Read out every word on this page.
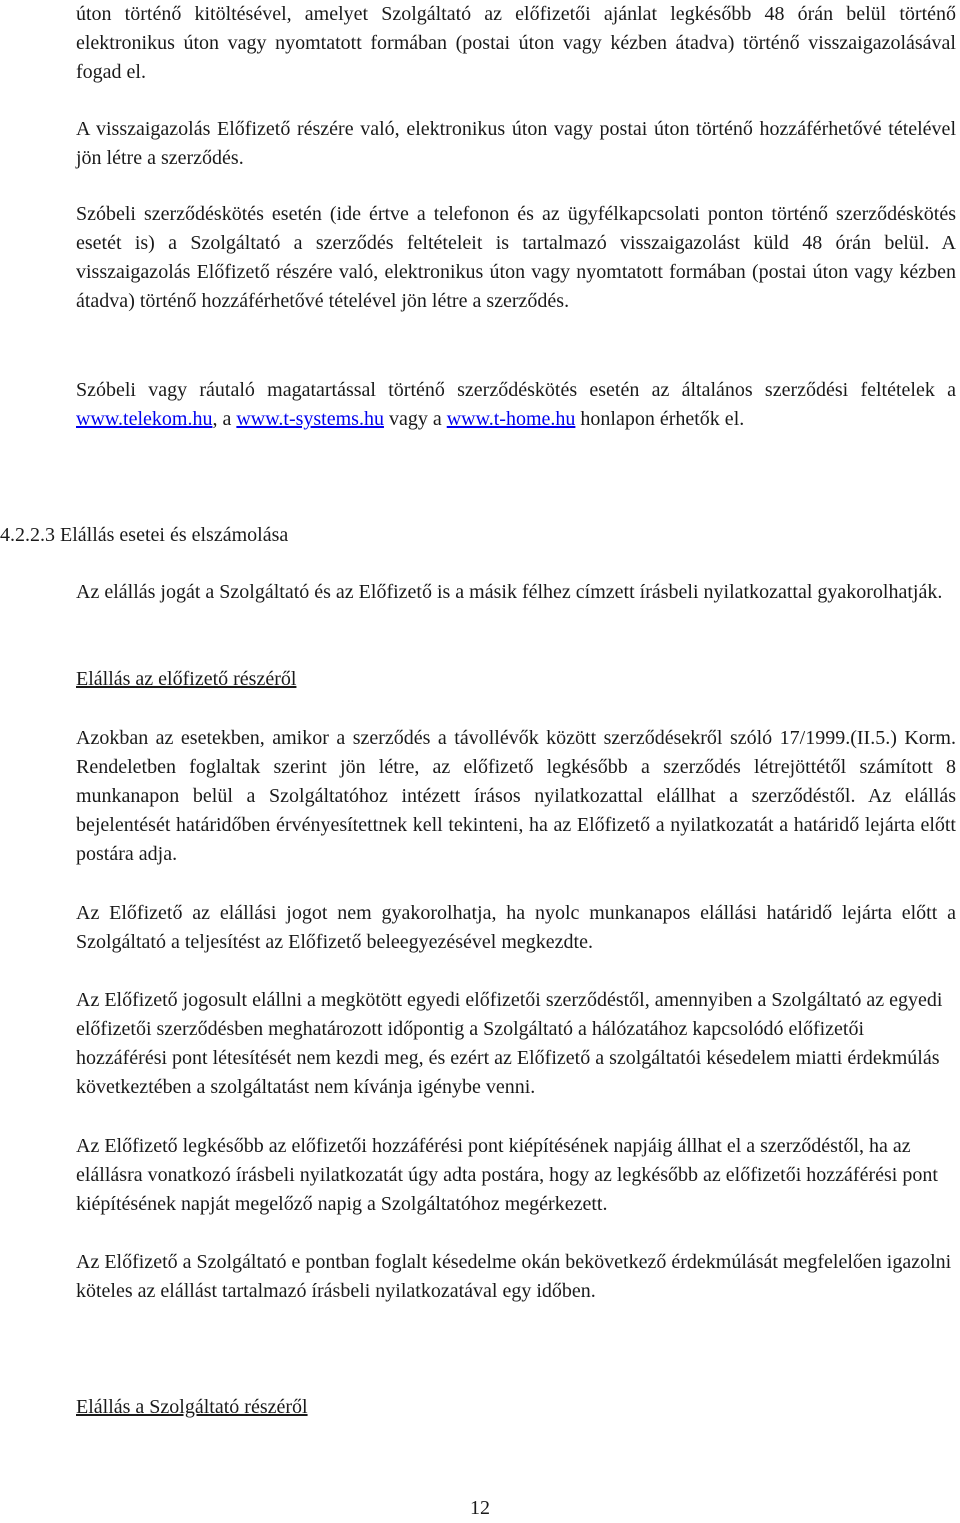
úton történő kitöltésével, amelyet Szolgáltató az előfizetői ajánlat legkésőbb 48 órán belül történő elektronikus úton vagy nyomtatott formában (postai úton vagy kézben átadva) történő visszaigazolásával fogad el.

A visszaigazolás Előfizető részére való, elektronikus úton vagy postai úton történő hozzáférhetővé tételével jön létre a szerződés.

Szóbeli szerződéskötés esetén (ide értve a telefonon és az ügyfélkapcsolati ponton történő szerződéskötés esetét is) a Szolgáltató a szerződés feltételeit is tartalmazó visszaigazolást küld 48 órán belül. A visszaigazolás Előfizető részére való, elektronikus úton vagy nyomtatott formában (postai úton vagy kézben átadva) történő hozzáférhetővé tételével jön létre a szerződés.

Szóbeli vagy ráutaló magatartással történő szerződéskötés esetén az általános szerződési feltételek a www.telekom.hu, a www.t-systems.hu vagy a www.t-home.hu honlapon érhetők el.

4.2.2.3 Elállás esetei és elszámolása

Az elállás jogát a Szolgáltató és az Előfizető is a másik félhez címzett írásbeli nyilatkozattal gyakorolhatják.

Elállás az előfizető részéről

Azokban az esetekben, amikor a szerződés a távollévők között szerződésekről szóló 17/1999.(II.5.) Korm. Rendeletben foglaltak szerint jön létre, az előfizető legkésőbb a szerződés létrejöttétől számított 8 munkanapon belül a Szolgáltatóhoz intézett írásos nyilatkozattal elállhat a szerződéstől. Az elállás bejelentését határidőben érvényesítettnek kell tekinteni, ha az Előfizető a nyilatkozatát a határidő lejárta előtt postára adja.

Az Előfizető az elállási jogot nem gyakorolhatja, ha nyolc munkanapos elállási határidő lejárta előtt a Szolgáltató a teljesítést az Előfizető beleegyezésével megkezdte.

Az Előfizető jogosult elállni a megkötött egyedi előfizetői szerződéstől, amennyiben a Szolgáltató az egyedi előfizetői szerződésben meghatározott időpontig a Szolgáltató a hálózatához kapcsolódó előfizetői hozzáférési pont létesítését nem kezdi meg, és ezért az Előfizető a szolgáltatói késedelem miatti érdekmúlás következtében a szolgáltatást nem kívánja igénybe venni.

Az Előfizető legkésőbb az előfizetői hozzáférési pont kiépítésének napjáig állhat el a szerződéstől, ha az elállásra vonatkozó írásbeli nyilatkozatát úgy adta postára, hogy az legkésőbb az előfizetői hozzáférési pont kiépítésének napját megelőző napig a Szolgáltatóhoz megérkezett.

Az Előfizető a Szolgáltató e pontban foglalt késedelme okán bekövetkező érdekmúlását megfelelően igazolni köteles az elállást tartalmazó írásbeli nyilatkozatával egy időben.

Elállás a Szolgáltató részéről
12
